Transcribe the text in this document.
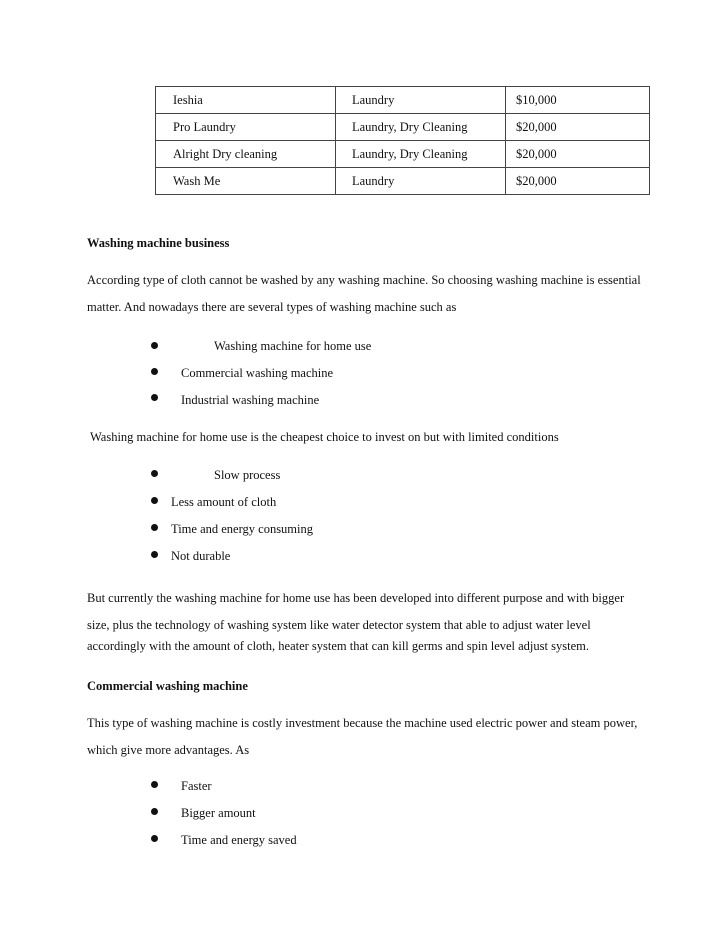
Ieshia	Laundry	$10,000
Pro Laundry	Laundry, Dry Cleaning	$20,000
Alright Dry cleaning	Laundry, Dry Cleaning	$20,000
Wash Me	Laundry	$20,000
Washing machine business
According type of cloth cannot be washed by any washing machine. So choosing washing machine is essential
matter. And nowadays there are several types of washing machine such as
Washing machine for home use
Commercial washing machine
Industrial washing machine
Washing machine for home use is the cheapest choice to invest on but with limited conditions
Slow process
Less amount of cloth
Time and energy consuming
Not durable
But currently the washing machine for home use has been developed into different purpose and with bigger
size, plus the technology of washing system like water detector system that able to adjust water level
accordingly with the amount of cloth, heater system that can kill germs and spin level adjust system.
Commercial washing machine
This type of washing machine is costly investment because the machine used electric power and steam power,
which give more advantages. As
Faster
Bigger amount
Time and energy saved
